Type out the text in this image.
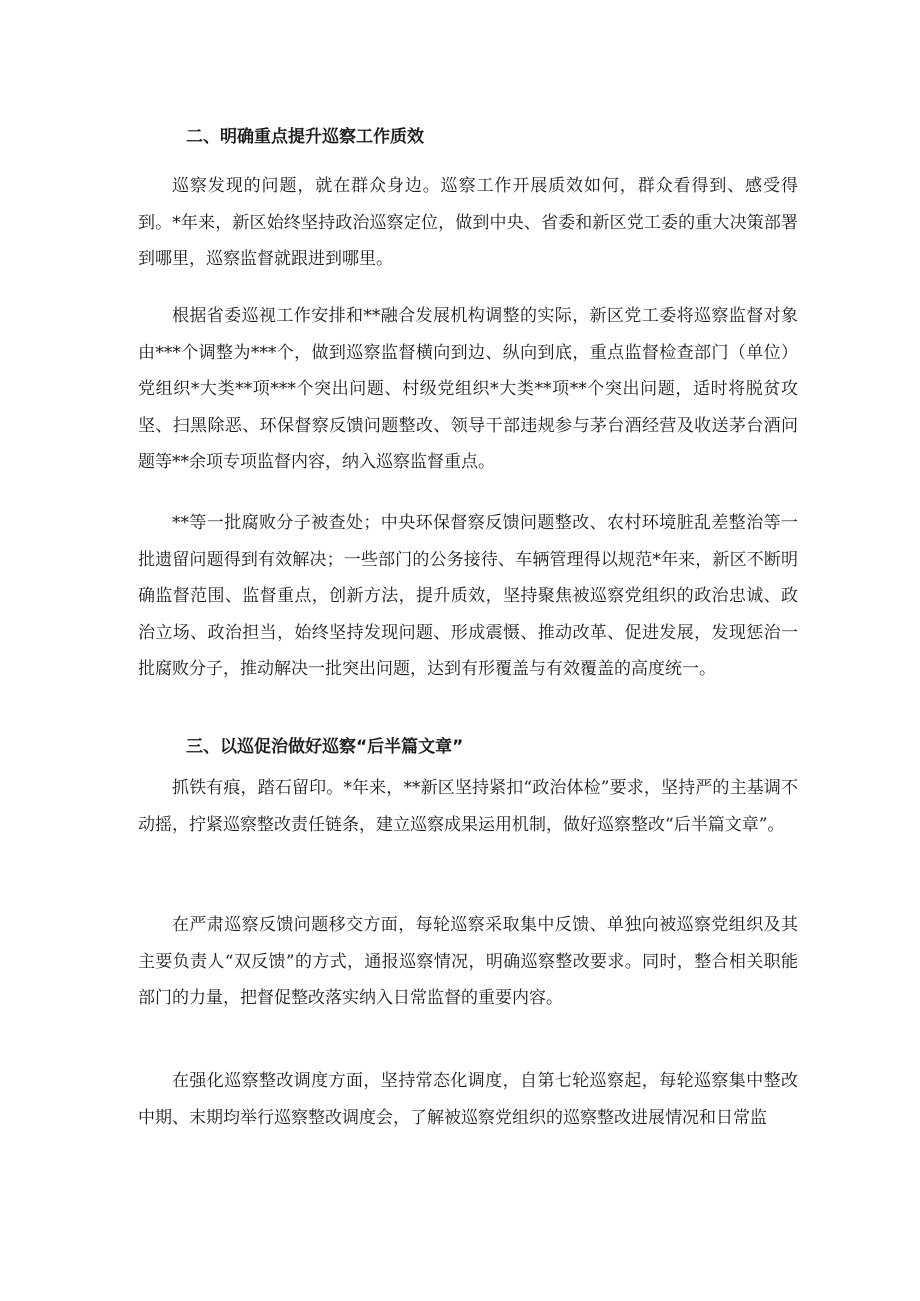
二、明确重点提升巡察工作质效

巡察发现的问题，就在群众身边。巡察工作开展质效如何，群众看得到、感受得到。*年来，新区始终坚持政治巡察定位，做到中央、省委和新区党工委的重大决策部署到哪里，巡察监督就跟进到哪里。

根据省委巡视工作安排和**融合发展机构调整的实际，新区党工委将巡察监督对象由***个调整为***个，做到巡察监督横向到边、纵向到底，重点监督检查部门（单位）党组织*大类**项***个突出问题、村级党组织*大类**项**个突出问题，适时将脱贫攻坚、扫黑除恶、环保督察反馈问题整改、领导干部违规参与茅台酒经营及收送茅台酒问题等**余项专项监督内容，纳入巡察监督重点。

**等一批腐败分子被查处；中央环保督察反馈问题整改、农村环境脏乱差整治等一批遗留问题得到有效解决；一些部门的公务接待、车辆管理得以规范*年来，新区不断明确监督范围、监督重点，创新方法，提升质效，坚持聚焦被巡察党组织的政治忠诚、政治立场、政治担当，始终坚持发现问题、形成震慑、推动改革、促进发展，发现惩治一批腐败分子，推动解决一批突出问题，达到有形覆盖与有效覆盖的高度统一。

三、以巡促治做好巡察“后半篇文章”

抓铁有痕，踏石留印。*年来，**新区坚持紧扣“政治体检”要求，坚持严的主基调不动摇，拧紧巡察整改责任链条，建立巡察成果运用机制，做好巡察整改“后半篇文章”。

在严肃巡察反馈问题移交方面，每轮巡察采取集中反馈、单独向被巡察党组织及其主要负责人“双反馈”的方式，通报巡察情况，明确巡察整改要求。同时，整合相关职能部门的力量，把督促整改落实纳入日常监督的重要内容。

在强化巡察整改调度方面，坚持常态化调度，自第七轮巡察起，每轮巡察集中整改中期、末期均举行巡察整改调度会，了解被巡察党组织的巡察整改进展情况和日常监
